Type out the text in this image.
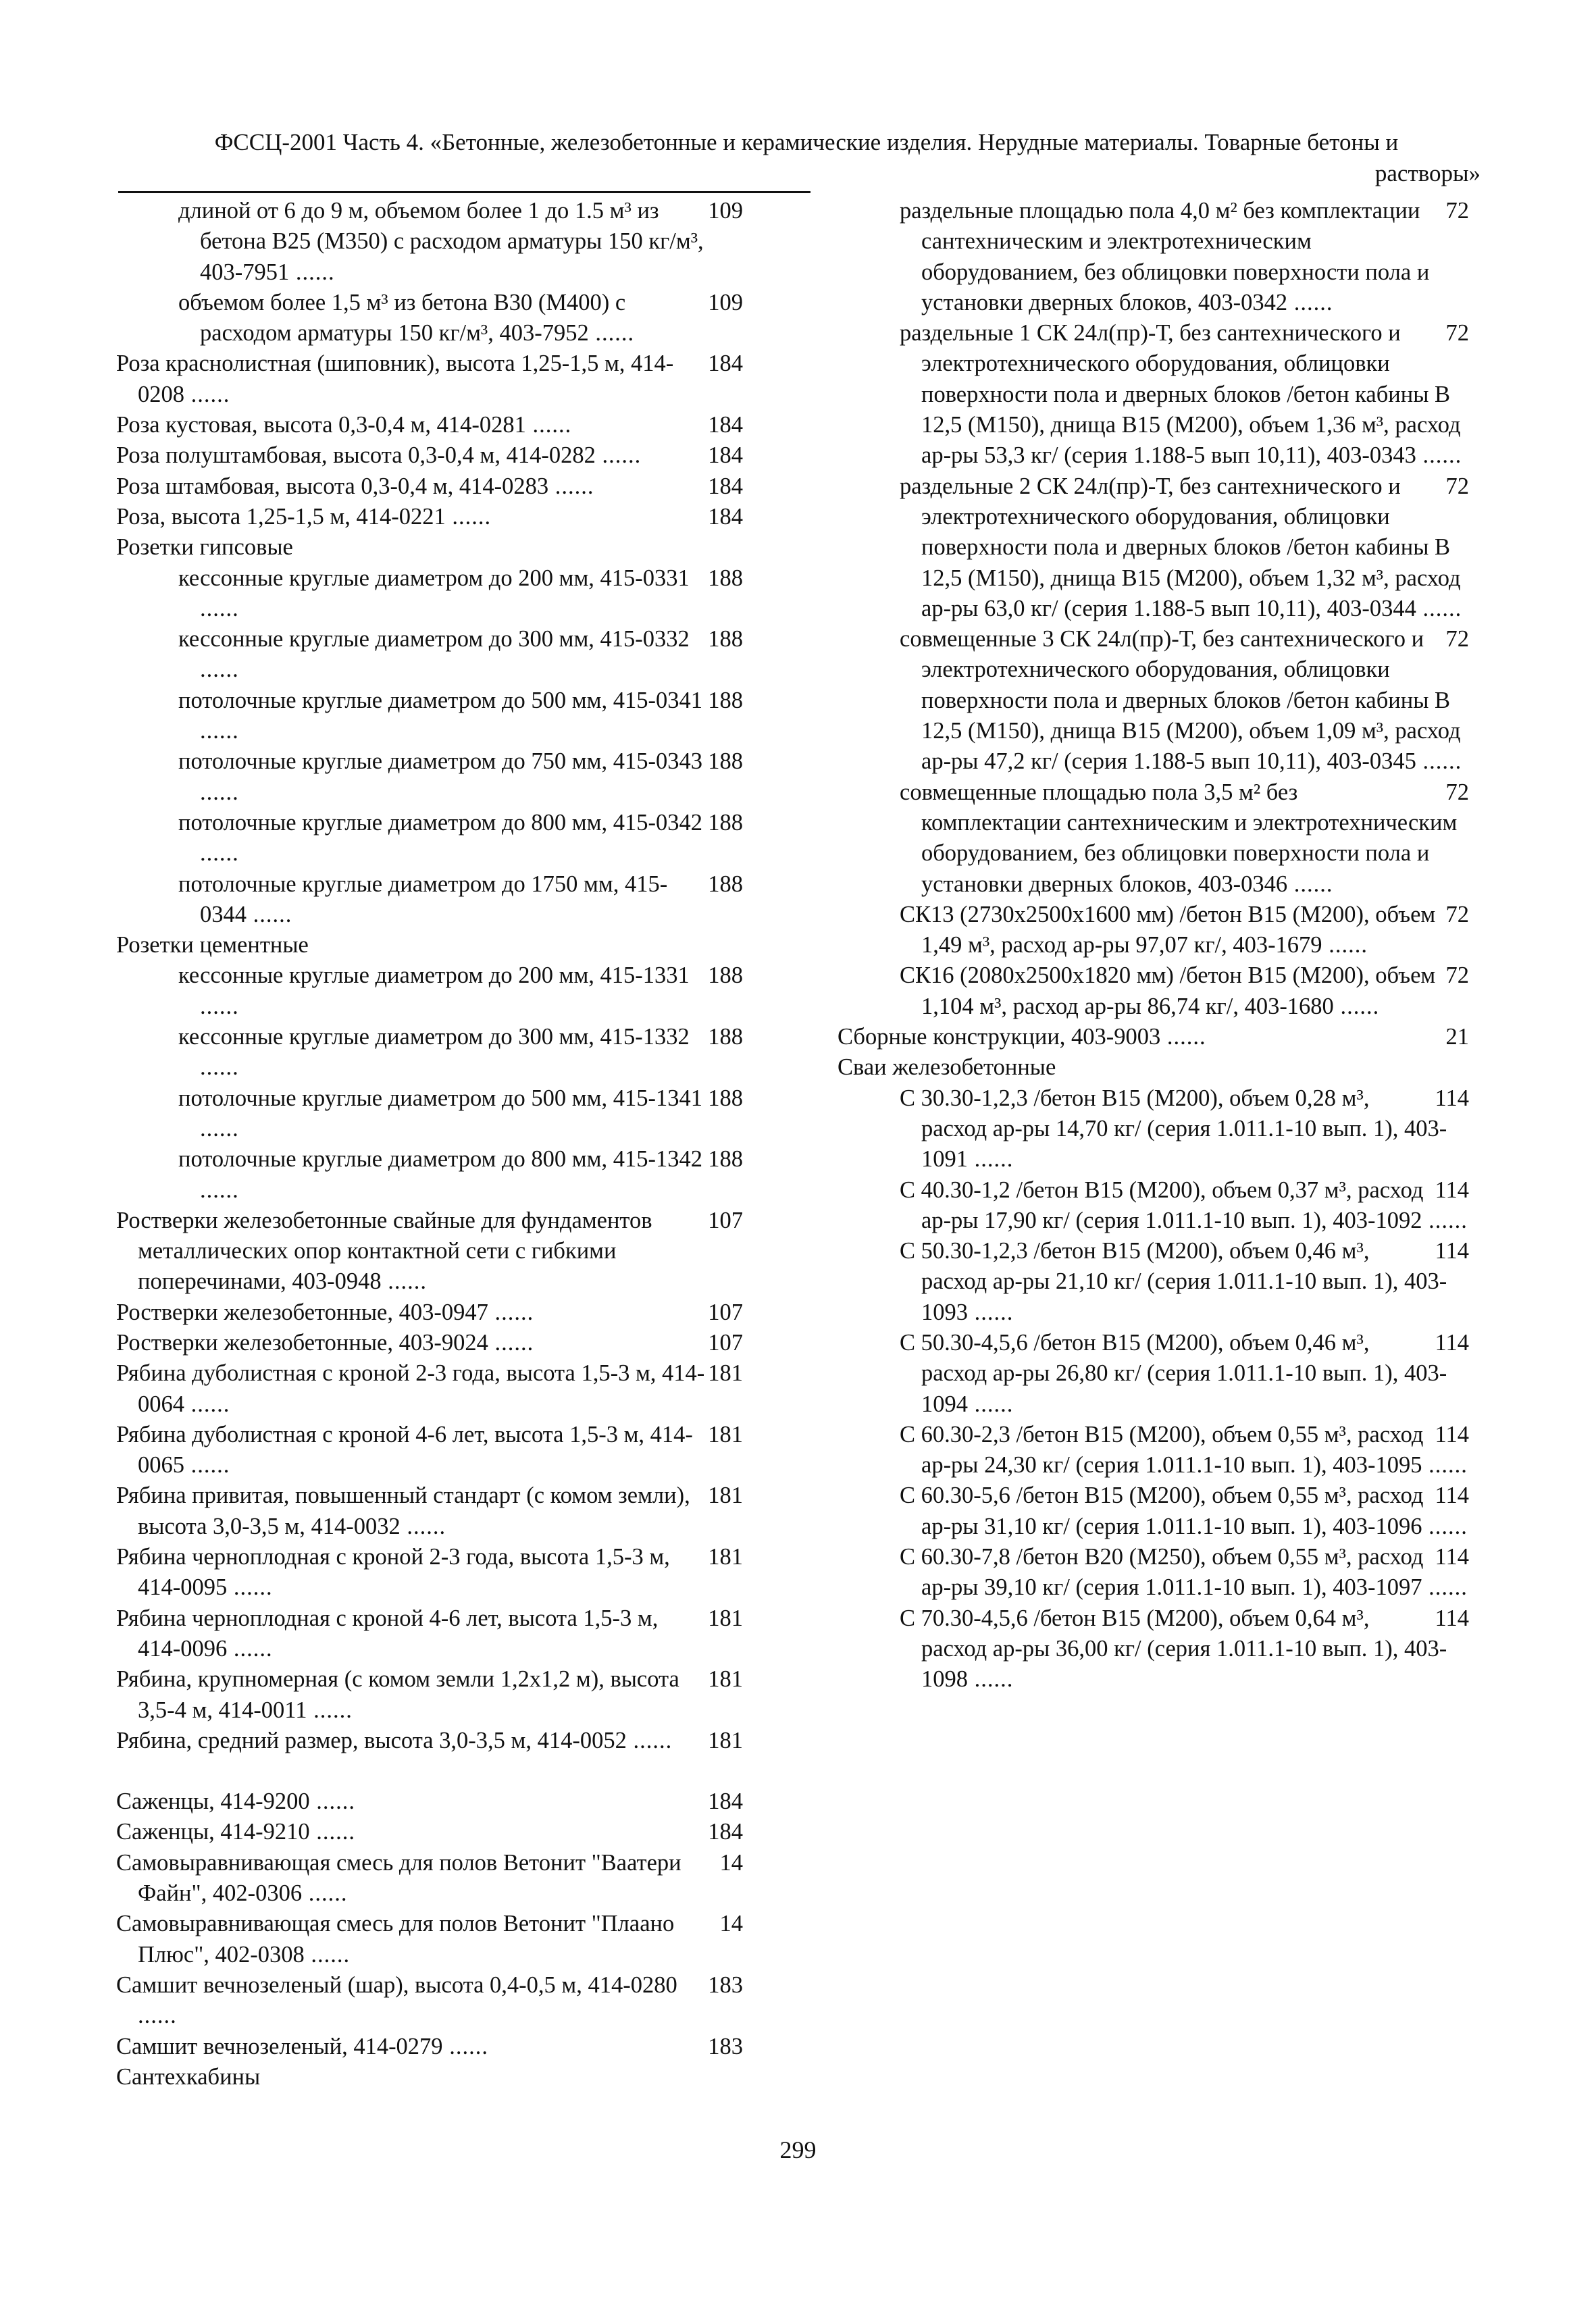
ФССЦ-2001 Часть 4. «Бетонные, железобетонные и керамические изделия. Нерудные материалы. Товарные бетоны и
растворы»

109
длиной от 6 до 9 м, объемом более 1 до 1.5 м³ из бетона В25 (М350) с расходом арматуры 150 кг/м³, 403-7951 ......

109
объемом более 1,5 м³ из бетона В30 (М400) с расходом арматуры 150 кг/м³, 403-7952 ......

184
Роза краснолистная (шиповник), высота 1,25-1,5 м, 414-0208 ......

184
Роза кустовая, высота 0,3-0,4 м, 414-0281 ......

184
Роза полуштамбовая, высота 0,3-0,4 м, 414-0282 ......

184
Роза штамбовая, высота 0,3-0,4 м, 414-0283 ......

184
Роза, высота 1,25-1,5 м, 414-0221 ......

Розетки гипсовые

188
кессонные круглые диаметром до 200 мм, 415-0331 ......

188
кессонные круглые диаметром до 300 мм, 415-0332 ......

188
потолочные круглые диаметром до 500 мм, 415-0341 ......

188
потолочные круглые диаметром до 750 мм, 415-0343 ......

188
потолочные круглые диаметром до 800 мм, 415-0342 ......

188
потолочные круглые диаметром до 1750 мм, 415-0344 ......

Розетки цементные

188
кессонные круглые диаметром до 200 мм, 415-1331 ......

188
кессонные круглые диаметром до 300 мм, 415-1332 ......

188
потолочные круглые диаметром до 500 мм, 415-1341 ......

188
потолочные круглые диаметром до 800 мм, 415-1342 ......

107
Ростверки железобетонные свайные для фундаментов металлических опор контактной сети с гибкими поперечинами, 403-0948 ......

107
Ростверки железобетонные, 403-0947 ......

107
Ростверки железобетонные, 403-9024 ......

181
Рябина дуболистная с кроной 2-3 года, высота 1,5-3 м, 414-0064 ......

181
Рябина дуболистная с кроной 4-6 лет, высота 1,5-3 м, 414-0065 ......

181
Рябина привитая, повышенный стандарт (с комом земли), высота 3,0-3,5 м, 414-0032 ......

181
Рябина черноплодная с кроной 2-3 года, высота 1,5-3 м, 414-0095 ......

181
Рябина черноплодная с кроной 4-6 лет, высота 1,5-3 м, 414-0096 ......

181
Рябина, крупномерная (с комом земли 1,2х1,2 м), высота 3,5-4 м, 414-0011 ......

181
Рябина, средний размер, высота 3,0-3,5 м, 414-0052 ......

184
Саженцы, 414-9200 ......

184
Саженцы, 414-9210 ......

14
Самовыравнивающая смесь для полов Ветонит "Ваатери Файн", 402-0306 ......

14
Самовыравнивающая смесь для полов Ветонит "Плаано Плюс", 402-0308 ......

183
Самшит вечнозеленый (шар), высота 0,4-0,5 м, 414-0280 ......

183
Самшит вечнозеленый, 414-0279 ......

Сантехкабины

72
раздельные площадью пола 4,0 м² без комплектации сантехническим и электротехническим оборудованием, без облицовки поверхности пола и установки дверных блоков, 403-0342 ......

72
раздельные 1 СК 24л(пр)-Т, без сантехнического и электротехнического оборудования, облицовки поверхности пола и дверных блоков /бетон кабины В 12,5 (М150), днища В15 (М200), объем 1,36 м³, расход ар-ры 53,3 кг/ (серия 1.188-5 вып 10,11), 403-0343 ......

72
раздельные 2 СК 24л(пр)-Т, без сантехнического и электротехнического оборудования, облицовки поверхности пола и дверных блоков /бетон кабины В 12,5 (М150), днища В15 (М200), объем 1,32 м³, расход ар-ры 63,0 кг/ (серия 1.188-5 вып 10,11), 403-0344 ......

72
совмещенные 3 СК 24л(пр)-Т, без сантехнического и электротехнического оборудования, облицовки поверхности пола и дверных блоков /бетон кабины В 12,5 (М150), днища В15 (М200), объем 1,09 м³, расход ар-ры 47,2 кг/ (серия 1.188-5 вып 10,11), 403-0345 ......

72
совмещенные площадью пола 3,5 м² без комплектации сантехническим и электротехническим оборудованием, без облицовки поверхности пола и установки дверных блоков, 403-0346 ......

72
СК13 (2730х2500х1600 мм) /бетон В15 (М200), объем 1,49 м³, расход ар-ры 97,07 кг/, 403-1679 ......

72
СК16 (2080х2500х1820 мм) /бетон В15 (М200), объем 1,104 м³, расход ар-ры 86,74 кг/, 403-1680 ......

21
Сборные конструкции, 403-9003 ......

Сваи железобетонные

114
С 30.30-1,2,3 /бетон В15 (М200), объем 0,28 м³, расход ар-ры 14,70 кг/ (серия 1.011.1-10 вып. 1), 403-1091 ......

114
С 40.30-1,2 /бетон В15 (М200), объем 0,37 м³, расход ар-ры 17,90 кг/ (серия 1.011.1-10 вып. 1), 403-1092 ......

114
С 50.30-1,2,3 /бетон В15 (М200), объем 0,46 м³, расход ар-ры 21,10 кг/ (серия 1.011.1-10 вып. 1), 403-1093 ......

114
С 50.30-4,5,6 /бетон В15 (М200), объем 0,46 м³, расход ар-ры 26,80 кг/ (серия 1.011.1-10 вып. 1), 403-1094 ......

114
С 60.30-2,3 /бетон В15 (М200), объем 0,55 м³, расход ар-ры 24,30 кг/ (серия 1.011.1-10 вып. 1), 403-1095 ......

114
С 60.30-5,6 /бетон В15 (М200), объем 0,55 м³, расход ар-ры 31,10 кг/ (серия 1.011.1-10 вып. 1), 403-1096 ......

114
С 60.30-7,8 /бетон В20 (М250), объем 0,55 м³, расход ар-ры 39,10 кг/ (серия 1.011.1-10 вып. 1), 403-1097 ......

114
С 70.30-4,5,6 /бетон В15 (М200), объем 0,64 м³, расход ар-ры 36,00 кг/ (серия 1.011.1-10 вып. 1), 403-1098 ......

299
